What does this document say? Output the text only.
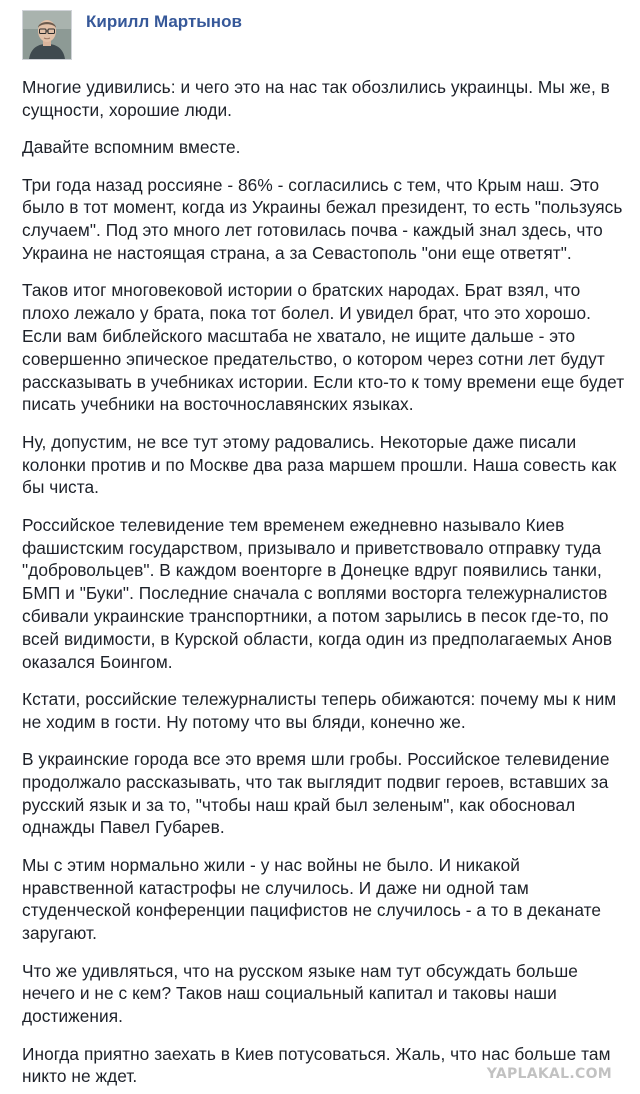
Кирилл Мартынов

Многие удивились: и чего это на нас так обозлились украинцы. Мы же, в сущности, хорошие люди.

Давайте вспомним вместе.

Три года назад россияне - 86% - согласились с тем, что Крым наш. Это было в тот момент, когда из Украины бежал президент, то есть "пользуясь случаем". Под это много лет готовилась почва - каждый знал здесь, что Украина не настоящая страна, а за Севастополь "они еще ответят".

Таков итог многовековой истории о братских народах. Брат взял, что плохо лежало у брата, пока тот болел. И увидел брат, что это хорошо. Если вам библейского масштаба не хватало, не ищите дальше - это совершенно эпическое предательство, о котором через сотни лет будут рассказывать в учебниках истории. Если кто-то к тому времени еще будет писать учебники на восточнославянских языках.

Ну, допустим, не все тут этому радовались. Некоторые даже писали колонки против и по Москве два раза маршем прошли. Наша совесть как бы чиста.

Российское телевидение тем временем ежедневно называло Киев фашистским государством, призывало и приветствовало отправку туда "добровольцев". В каждом военторге в Донецке вдруг появились танки, БМП и "Буки". Последние сначала с воплями восторга тележурналистов сбивали украинские транспортники, а потом зарылись в песок где-то, по всей видимости, в Курской области, когда один из предполагаемых Анов оказался Боингом.

Кстати, российские тележурналисты теперь обижаются: почему мы к ним не ходим в гости. Ну потому что вы бляди, конечно же.

В украинские города все это время шли гробы. Российское телевидение продолжало рассказывать, что так выглядит подвиг героев, вставших за русский язык и за то, "чтобы наш край был зеленым", как обосновал однажды Павел Губарев.

Мы с этим нормально жили - у нас войны не было. И никакой нравственной катастрофы не случилось. И даже ни одной там студенческой конференции пацифистов не случилось - а то в деканате заругают.

Что же удивляться, что на русском языке нам тут обсуждать больше нечего и не с кем? Таков наш социальный капитал и таковы наши достижения.

Иногда приятно заехать в Киев потусоваться. Жаль, что нас больше там никто не ждет.	YAPLAKAL.COM
